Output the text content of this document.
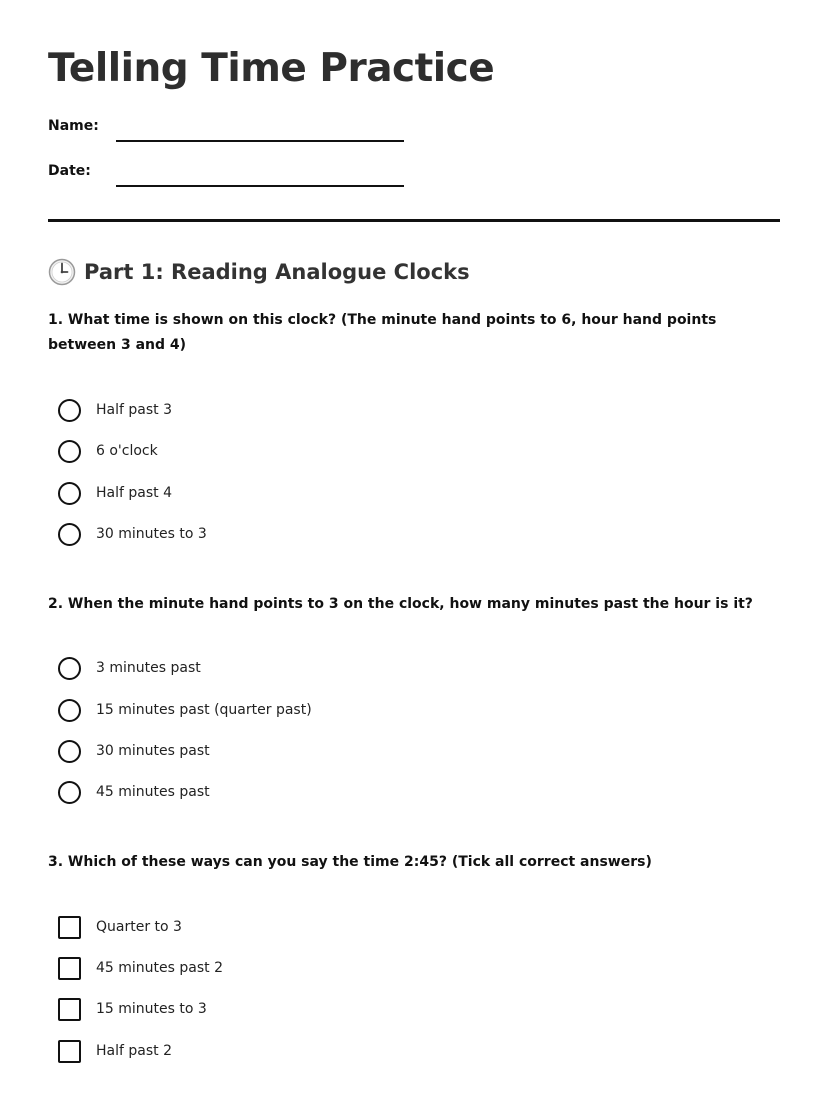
Telling Time Practice
Name:
Date:
Part 1: Reading Analogue Clocks
1. What time is shown on this clock? (The minute hand points to 6, hour hand points between 3 and 4)
Half past 3
6 o'clock
Half past 4
30 minutes to 3
2. When the minute hand points to 3 on the clock, how many minutes past the hour is it?
3 minutes past
15 minutes past (quarter past)
30 minutes past
45 minutes past
3. Which of these ways can you say the time 2:45? (Tick all correct answers)
Quarter to 3
45 minutes past 2
15 minutes to 3
Half past 2
